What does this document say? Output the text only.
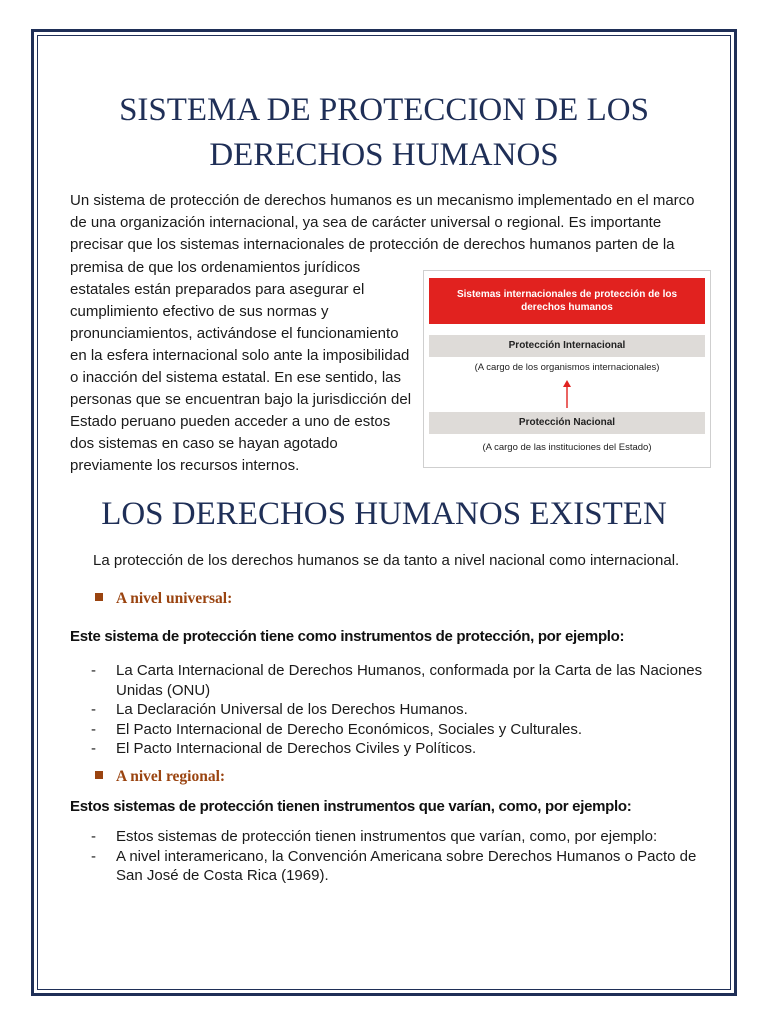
SISTEMA DE PROTECCION DE LOS DERECHOS HUMANOS

Un sistema de protección de derechos humanos es un mecanismo implementado en el marco de una organización internacional, ya sea de carácter universal o regional. Es importante precisar que los sistemas internacionales de protección de derechos humanos parten de la

premisa de que los ordenamientos jurídicos estatales están preparados para asegurar el cumplimiento efectivo de sus normas y pronunciamientos, activándose el funcionamiento en la esfera internacional solo ante la imposibilidad o inacción del sistema estatal. En ese sentido, las personas que se encuentran bajo la jurisdicción del Estado peruano pueden acceder a uno de estos dos sistemas en caso se hayan agotado previamente los recursos internos.

Sistemas internacionales de protección de los derechos humanos
Protección Internacional
(A cargo de los organismos internacionales)
Protección Nacional
(A cargo de las instituciones del Estado)
LOS DERECHOS HUMANOS EXISTEN

La protección de los derechos humanos se da tanto a nivel nacional como internacional.

A nivel universal:
Este sistema de protección tiene como instrumentos de protección, por ejemplo:
- La Carta Internacional de Derechos Humanos, conformada por la Carta de las Naciones Unidas (ONU)
- La Declaración Universal de los Derechos Humanos.
- El Pacto Internacional de Derecho Económicos, Sociales y Culturales.
- El Pacto Internacional de Derechos Civiles y Políticos.
A nivel regional:
Estos sistemas de protección tienen instrumentos que varían, como, por ejemplo:
- Estos sistemas de protección tienen instrumentos que varían, como, por ejemplo:
- A nivel interamericano, la Convención Americana sobre Derechos Humanos o Pacto de San José de Costa Rica (1969).
